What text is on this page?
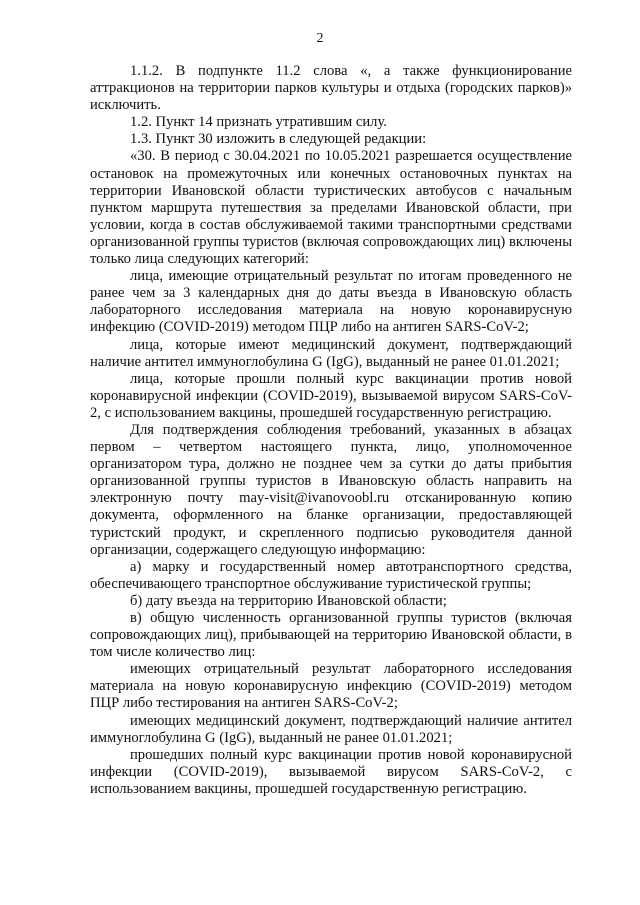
2

1.1.2. В подпункте 11.2 слова «, а также функционирование аттракционов на территории парков культуры и отдыха (городских парков)» исключить.

1.2. Пункт 14 признать утратившим силу.

1.3. Пункт 30 изложить в следующей редакции:

«30. В период с 30.04.2021 по 10.05.2021 разрешается осуществление остановок на промежуточных или конечных остановочных пунктах на территории Ивановской области туристических автобусов с начальным пунктом маршрута путешествия за пределами Ивановской области, при условии, когда в состав обслуживаемой такими транспортными средствами организованной группы туристов (включая сопровождающих лиц) включены только лица следующих категорий:

лица, имеющие отрицательный результат по итогам проведенного не ранее чем за 3 календарных дня до даты въезда в Ивановскую область лабораторного исследования материала на новую коронавирусную инфекцию (COVID-2019) методом ПЦР либо на антиген SARS-CoV-2;

лица, которые имеют медицинский документ, подтверждающий наличие антител иммуноглобулина G (IgG), выданный не ранее 01.01.2021;

лица, которые прошли полный курс вакцинации против новой коронавирусной инфекции (COVID-2019), вызываемой вирусом SARS-CoV-2, с использованием вакцины, прошедшей государственную регистрацию.

Для подтверждения соблюдения требований, указанных в абзацах первом – четвертом настоящего пункта, лицо, уполномоченное организатором тура, должно не позднее чем за сутки до даты прибытия организованной группы туристов в Ивановскую область направить на электронную почту may-visit@ivanovoobl.ru отсканированную копию документа, оформленного на бланке организации, предоставляющей туристский продукт, и скрепленного подписью руководителя данной организации, содержащего следующую информацию:

а) марку и государственный номер автотранспортного средства, обеспечивающего транспортное обслуживание туристической группы;

б) дату въезда на территорию Ивановской области;

в) общую численность организованной группы туристов (включая сопровождающих лиц), прибывающей на территорию Ивановской области, в том числе количество лиц:

имеющих отрицательный результат лабораторного исследования материала на новую коронавирусную инфекцию (COVID-2019) методом ПЦР либо тестирования на антиген SARS-CoV-2;

имеющих медицинский документ, подтверждающий наличие антител иммуноглобулина G (IgG), выданный не ранее 01.01.2021;

прошедших полный курс вакцинации против новой коронавирусной инфекции (COVID-2019), вызываемой вирусом SARS-CoV-2, с использованием вакцины, прошедшей государственную регистрацию.
